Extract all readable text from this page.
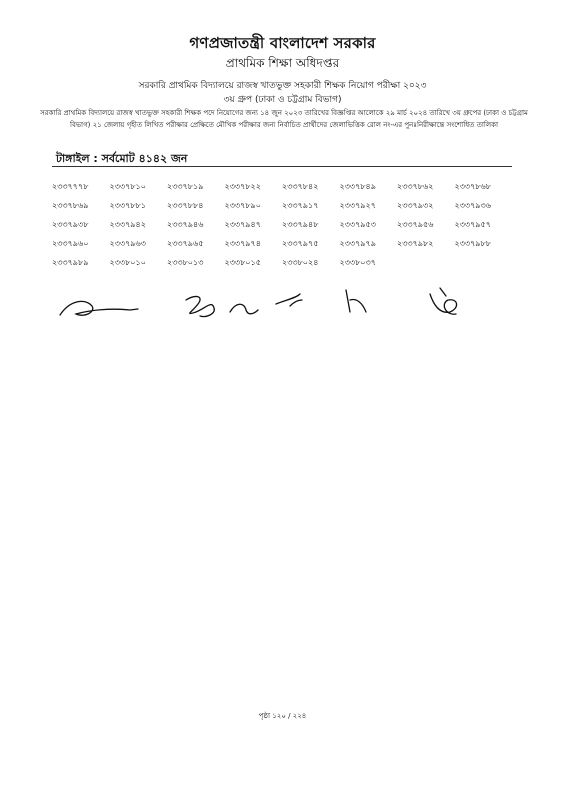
গণপ্রজাতন্ত্রী বাংলাদেশ সরকার
প্রাথমিক শিক্ষা অধিদপ্তর
সরকারি প্রাথমিক বিদ্যালয়ে রাজস্ব খাতভুক্ত সহকারী শিক্ষক নিয়োগ পরীক্ষা ২০২৩
৩য় গ্রুপ (ঢাকা ও চট্টগ্রাম বিভাগ)
সরকারি প্রাথমিক বিদ্যালয়ে রাজস্ব খাতভুক্ত সহকারী শিক্ষক পদে নিয়োগের জন্য ১৪ জুন ২০২৩ তারিখের বিজ্ঞপ্তির আলোকে ২৯ মার্চ ২০২৪ তারিখে ৩য় গ্রুপের (ঢাকা ও চট্টগ্রাম বিভাগ) ২১ জেলায় গৃহীত লিখিত পরীক্ষার প্রেক্ষিতে মৌখিক পরীক্ষার জন্য নির্বাচিত প্রার্থীদের জেলাভিত্তিক রোল নং-এর পুনঃনিরীক্ষান্তে সংশোধিত তালিকা
টাঙ্গাইল : সর্বমোট ৪১৪২ জন
২৩৩৭৭৭৮	২৩৩৭৮১০	২৩৩৭৮১৯	২৩৩৭৮২২	২৩৩৭৮৪২	২৩৩৭৮৪৯	২৩৩৭৮৬২	২৩৩৭৮৬৮
২৩৩৭৮৬৯	২৩৩৭৮৮১	২৩৩৭৮৮৪	২৩৩৭৮৯০	২৩৩৭৯১৭	২৩৩৭৯২৭	২৩৩৭৯৩২	২৩৩৭৯৩৬
২৩৩৭৯৩৮	২৩৩৭৯৪২	২৩৩৭৯৪৬	২৩৩৭৯৪৭	২৩৩৭৯৪৮	২৩৩৭৯৫৩	২৩৩৭৯৫৬	২৩৩৭৯৫৭
২৩৩৭৯৬০	২৩৩৭৯৬৩	২৩৩৭৯৬৫	২৩৩৭৯৭৪	২৩৩৭৯৭৫	২৩৩৭৯৭৯	২৩৩৭৯৮২	২৩৩৭৯৮৮
২৩৩৭৯৮৯	২৩৩৮০১০	২৩৩৮০১৩	২৩৩৮০১৫	২৩৩৮০২৪	২৩৩৮০৩৭
পৃষ্ঠা ১২০ / ২২৪
